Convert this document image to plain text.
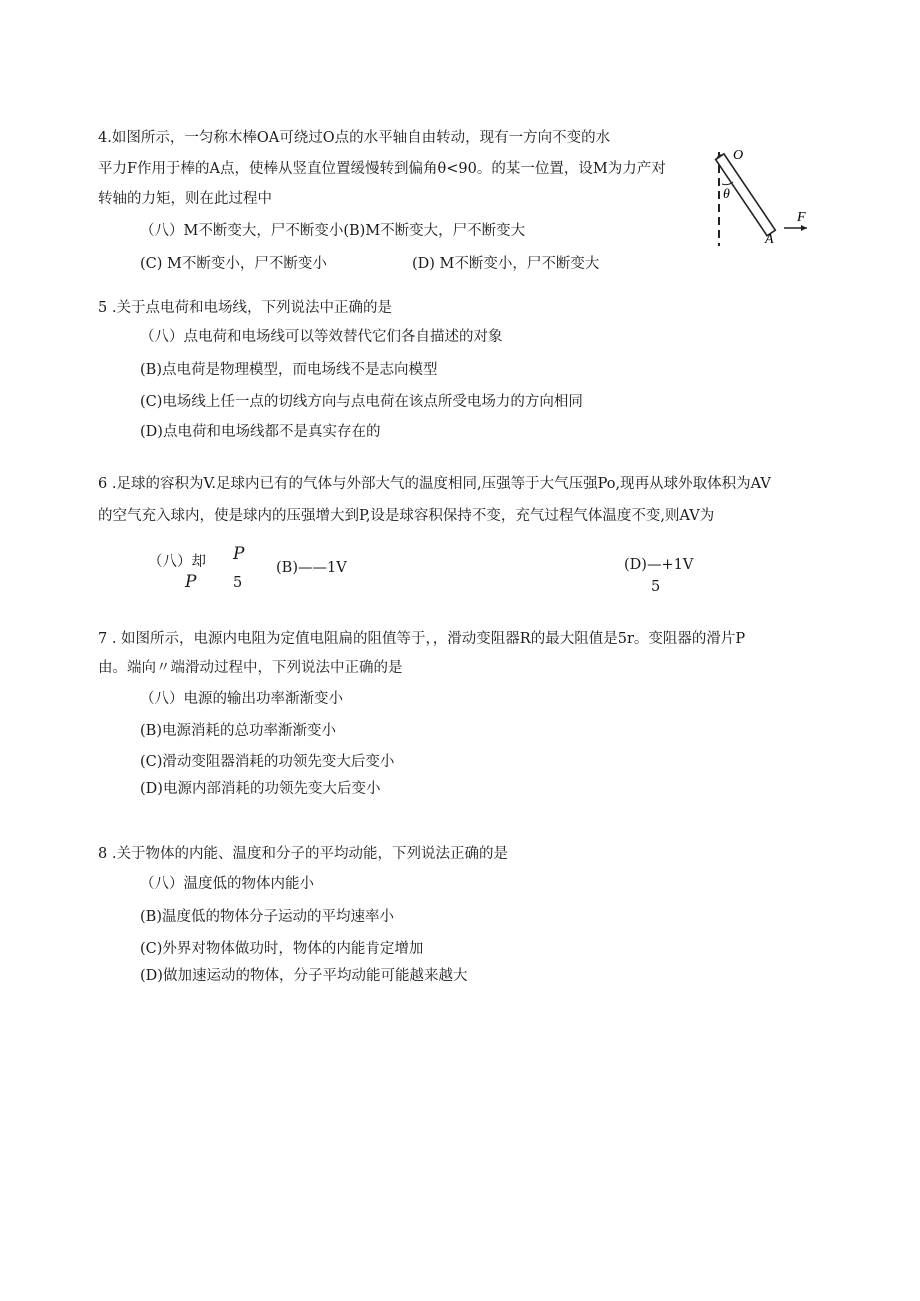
4.如图所示，一匀称木棒OA可绕过O点的水平轴自由转动，现有一方向不变的水
平力F作用于棒的A点，使棒从竖直位置缓慢转到偏角θ<90。的某一位置，设M为力产对
转轴的力矩，则在此过程中
（八）M不断变大，尸不断变小(B)M不断变大，尸不断变大
(C) M不断变小，尸不断变小	(D) M不断变小，尸不断变大
O
θ
A
F
5 .关于点电荷和电场线，下列说法中正确的是
（八）点电荷和电场线可以等效替代它们各自描述的对象
(B)点电荷是物理模型，而电场线不是志向模型
(C)电场线上任一点的切线方向与点电荷在该点所受电场力的方向相同
(D)点电荷和电场线都不是真实存在的
6 .足球的容积为V.足球内已有的气体与外部大气的温度相同,压强等于大气压强Po,现再从球外取体积为AV
的空气充入球内，使是球内的压强增大到P,设是球容积保持不变，充气过程气体温度不变,则AV为
（八）却 P
P	5
(B)——1V	(D)—+1V
5
7 . 如图所示，电源内电阻为定值电阻扁的阻值等于，，滑动变阻器R的最大阻值是5r。变阻器的滑片P
由。端向〃端滑动过程中，下列说法中正确的是
（八）电源的输出功率渐渐变小
(B)电源消耗的总功率渐渐变小
(C)滑动变阻器消耗的功领先变大后变小
(D)电源内部消耗的功领先变大后变小
8 .关于物体的内能、温度和分子的平均动能，下列说法正确的是
（八）温度低的物体内能小
(B)温度低的物体分子运动的平均速率小
(C)外界对物体做功时，物体的内能肯定增加
(D)做加速运动的物体，分子平均动能可能越来越大
